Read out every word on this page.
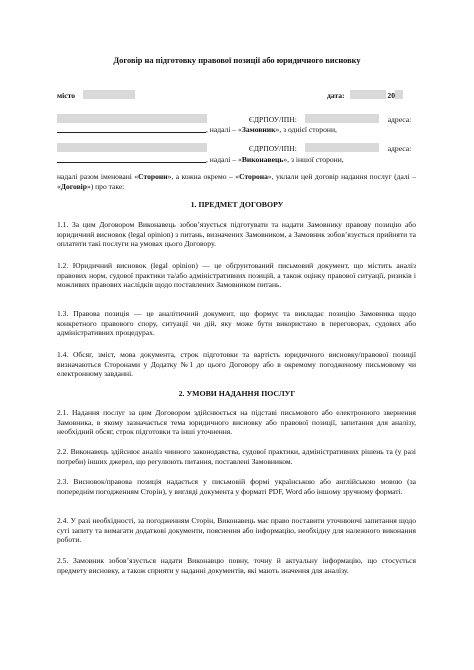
Договір на підготовку правової позиції або юридичного висновку
місто	дата:	20
ЄДРПОУ/ІПН:	адреса:
, надалі – «Замовник», з однієї сторони,
ЄДРПОУ/ІПН:	адреса:
, надалі – «Виконавець», з іншої сторони,
надалі разом іменовані «Сторони», а кожна окремо – «Сторона», уклали цей договір надання послуг (далі – «Договір») про таке:
1. ПРЕДМЕТ ДОГОВОРУ
1.1. За цим Договором Виконавець зобов’язується підготувати та надати Замовнику правову позицію або юридичний висновок (legal opinion) з питань, визначених Замовником, а Замовник зобов’язується прийняти та оплатити такі послуги на умовах цього Договору.
1.2. Юридичний висновок (legal opinion) — це обґрунтований письмовий документ, що містить аналіз правових норм, судової практики та/або адміністративних позицій, а також оцінку правової ситуації, ризиків і можливих правових наслідків щодо поставлених Замовником питань.
1.3. Правова позиція — це аналітичний документ, що формує та викладає позицію Замовника щодо конкретного правового спору, ситуації чи дій, яку може бути використано в переговорах, судових або адміністративних процедурах.
1.4. Обсяг, зміст, мова документа, строк підготовки та вартість юридичного висновку/правової позиції визначаються Сторонами у Додатку №1 до цього Договору або в окремому погодженому письмовому чи електронному завданні.
2. УМОВИ НАДАННЯ ПОСЛУГ
2.1. Надання послуг за цим Договором здійснюється на підставі письмового або електронного звернення Замовника, в якому зазначається тема юридичного висновку або правової позиції, запитання для аналізу, необхідний обсяг, строк підготовки та інші уточнення.
2.2. Виконавець здійснює аналіз чинного законодавства, судової практики, адміністративних рішень та (у разі потреби) інших джерел, що регулюють питання, поставлені Замовником.
2.3. Висновок/правова позиція надається у письмовій формі українською або англійською мовою (за попереднім погодженням Сторін), у вигляді документа у форматі PDF, Word або іншому зручному форматі.
2.4. У разі необхідності, за погодженням Сторін, Виконавець має право поставити уточнюючі запитання щодо суті запиту та вимагати додаткові документи, пояснення або інформацію, необхідну для належного виконання роботи.
2.5. Замовник зобов’язується надати Виконавцю повну, точну й актуальну інформацію, що стосується предмету висновку, а також сприяти у наданні документів, які мають значення для аналізу.
